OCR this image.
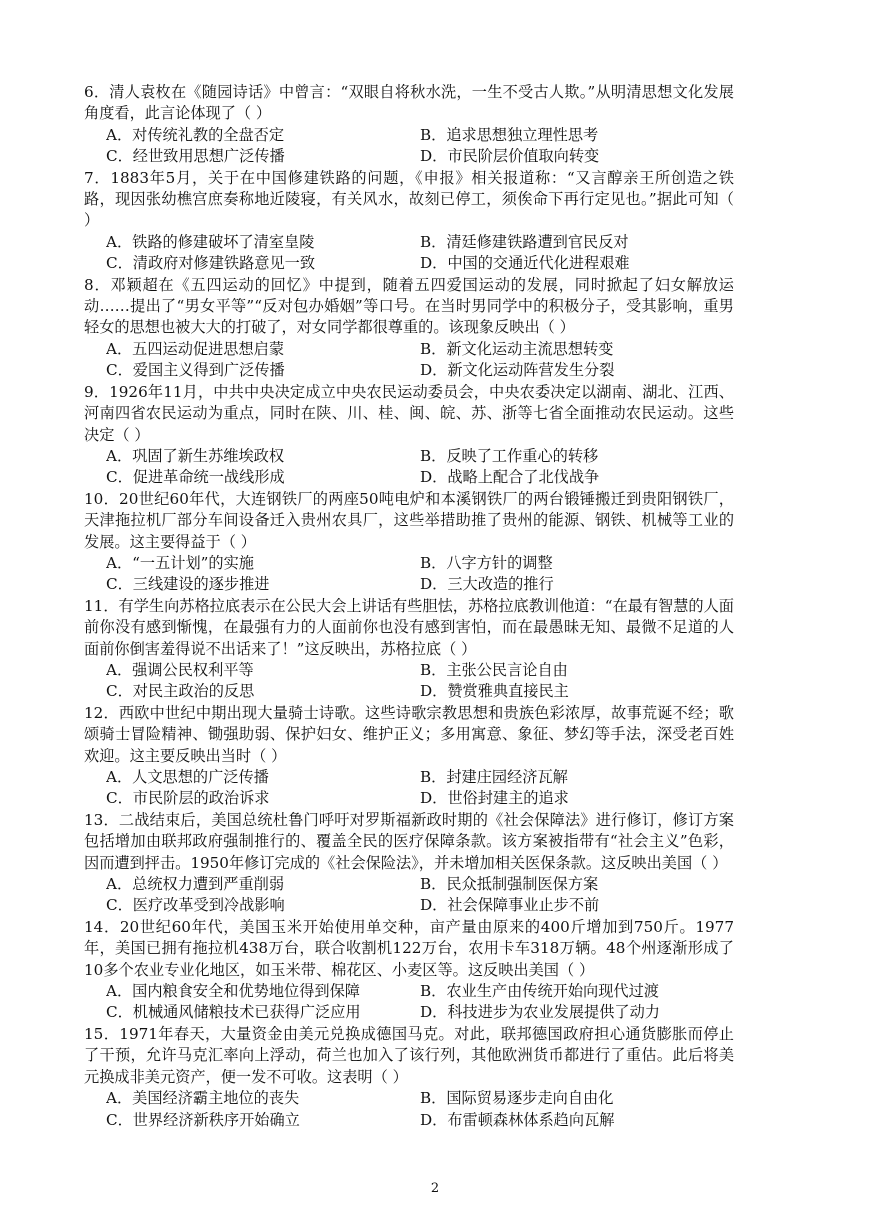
6．清人袁枚在《随园诗话》中曾言：“双眼自将秋水洗，一生不受古人欺。”从明清思想文化发展角度看，此言论体现了（ ）

A．对传统礼教的全盘否定	B．追求思想独立理性思考
C．经世致用思想广泛传播	D．市民阶层价值取向转变

7．1883年5月，关于在中国修建铁路的问题，《申报》相关报道称：“又言醇亲王所创造之铁路，现因张幼樵宫庶奏称地近陵寝，有关风水，故刻已停工，须俟命下再行定见也。”据此可知（ ）

A．铁路的修建破坏了清室皇陵	B．清廷修建铁路遭到官民反对
C．清政府对修建铁路意见一致	D．中国的交通近代化进程艰难

8．邓颖超在《五四运动的回忆》中提到，随着五四爱国运动的发展，同时掀起了妇女解放运动……提出了“男女平等”“反对包办婚姻”等口号。在当时男同学中的积极分子，受其影响，重男轻女的思想也被大大的打破了，对女同学都很尊重的。该现象反映出（ ）

A．五四运动促进思想启蒙	B．新文化运动主流思想转变
C．爱国主义得到广泛传播	D．新文化运动阵营发生分裂

9．1926年11月，中共中央决定成立中央农民运动委员会，中央农委决定以湖南、湖北、江西、河南四省农民运动为重点，同时在陕、川、桂、闽、皖、苏、浙等七省全面推动农民运动。这些决定（ ）

A．巩固了新生苏维埃政权	B．反映了工作重心的转移
C．促进革命统一战线形成	D．战略上配合了北伐战争

10．20世纪60年代，大连钢铁厂的两座50吨电炉和本溪钢铁厂的两台锻锤搬迁到贵阳钢铁厂，天津拖拉机厂部分车间设备迁入贵州农具厂，这些举措助推了贵州的能源、钢铁、机械等工业的发展。这主要得益于（ ）

A．“一五计划”的实施	B．八字方针的调整
C．三线建设的逐步推进	D．三大改造的推行

11．有学生向苏格拉底表示在公民大会上讲话有些胆怯，苏格拉底教训他道：“在最有智慧的人面前你没有感到惭愧，在最强有力的人面前你也没有感到害怕，而在最愚昧无知、最微不足道的人面前你倒害羞得说不出话来了！”这反映出，苏格拉底（ ）

A．强调公民权利平等	B．主张公民言论自由
C．对民主政治的反思	D．赞赏雅典直接民主

12．西欧中世纪中期出现大量骑士诗歌。这些诗歌宗教思想和贵族色彩浓厚，故事荒诞不经；歌颂骑士冒险精神、锄强助弱、保护妇女、维护正义；多用寓意、象征、梦幻等手法，深受老百姓欢迎。这主要反映出当时（ ）

A．人文思想的广泛传播	B．封建庄园经济瓦解
C．市民阶层的政治诉求	D．世俗封建主的追求

13．二战结束后，美国总统杜鲁门呼吁对罗斯福新政时期的《社会保障法》进行修订，修订方案包括增加由联邦政府强制推行的、覆盖全民的医疗保障条款。该方案被指带有“社会主义”色彩，因而遭到抨击。1950年修订完成的《社会保险法》，并未增加相关医保条款。这反映出美国（ ）

A．总统权力遭到严重削弱	B．民众抵制强制医保方案
C．医疗改革受到冷战影响	D．社会保障事业止步不前

14．20世纪60年代，美国玉米开始使用单交种，亩产量由原来的400斤增加到750斤。1977年，美国已拥有拖拉机438万台，联合收割机122万台，农用卡车318万辆。48个州逐渐形成了10多个农业专业化地区，如玉米带、棉花区、小麦区等。这反映出美国（ ）

A．国内粮食安全和优势地位得到保障	B．农业生产由传统开始向现代过渡
C．机械通风储粮技术已获得广泛应用	D．科技进步为农业发展提供了动力

15．1971年春天，大量资金由美元兑换成德国马克。对此，联邦德国政府担心通货膨胀而停止了干预，允许马克汇率向上浮动，荷兰也加入了该行列，其他欧洲货币都进行了重估。此后将美元换成非美元资产，便一发不可收。这表明（ ）

A．美国经济霸主地位的丧失	B．国际贸易逐步走向自由化
C．世界经济新秩序开始确立	D．布雷顿森林体系趋向瓦解
2
